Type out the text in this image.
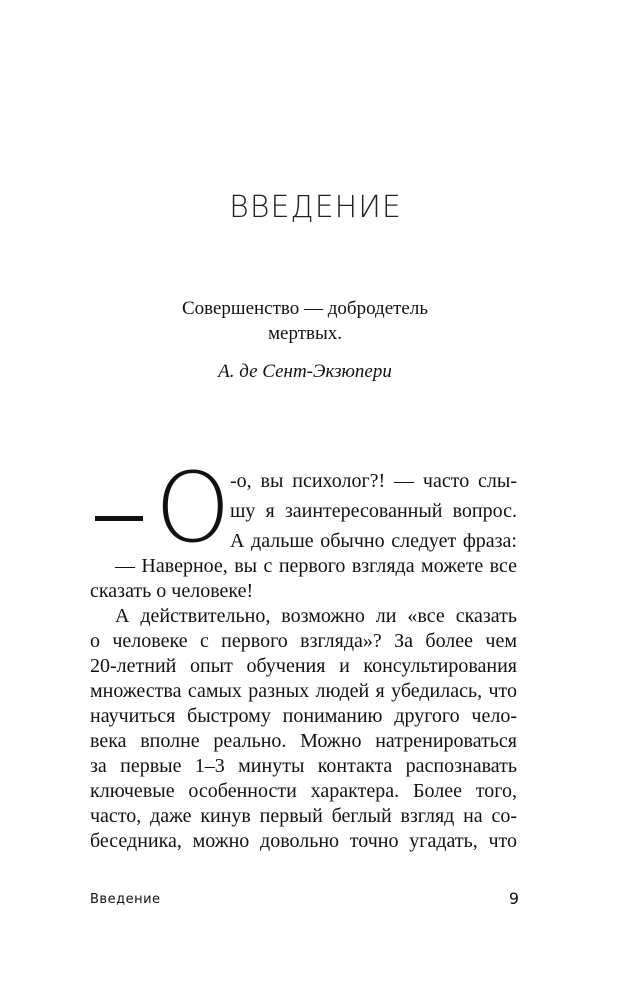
ВВЕДЕНИЕ
Совершенство — добродетель
мертвых.
А. де Сент-Экзюпери
О -о, вы психолог?! — часто слы-
шу я заинтересованный вопрос.
А дальше обычно следует фраза:
— Наверное, вы с первого взгляда можете все
сказать о человеке!
А действительно, возможно ли «все сказать
о человеке с первого взгляда»? За более чем
20-летний опыт обучения и консультирования
множества самых разных людей я убедилась, что
научиться быстрому пониманию другого чело-
века вполне реально. Можно натренироваться
за первые 1–3 минуты контакта распознавать
ключевые особенности характера. Более того,
часто, даже кинув первый беглый взгляд на со-
беседника, можно довольно точно угадать, что
Введение	9
